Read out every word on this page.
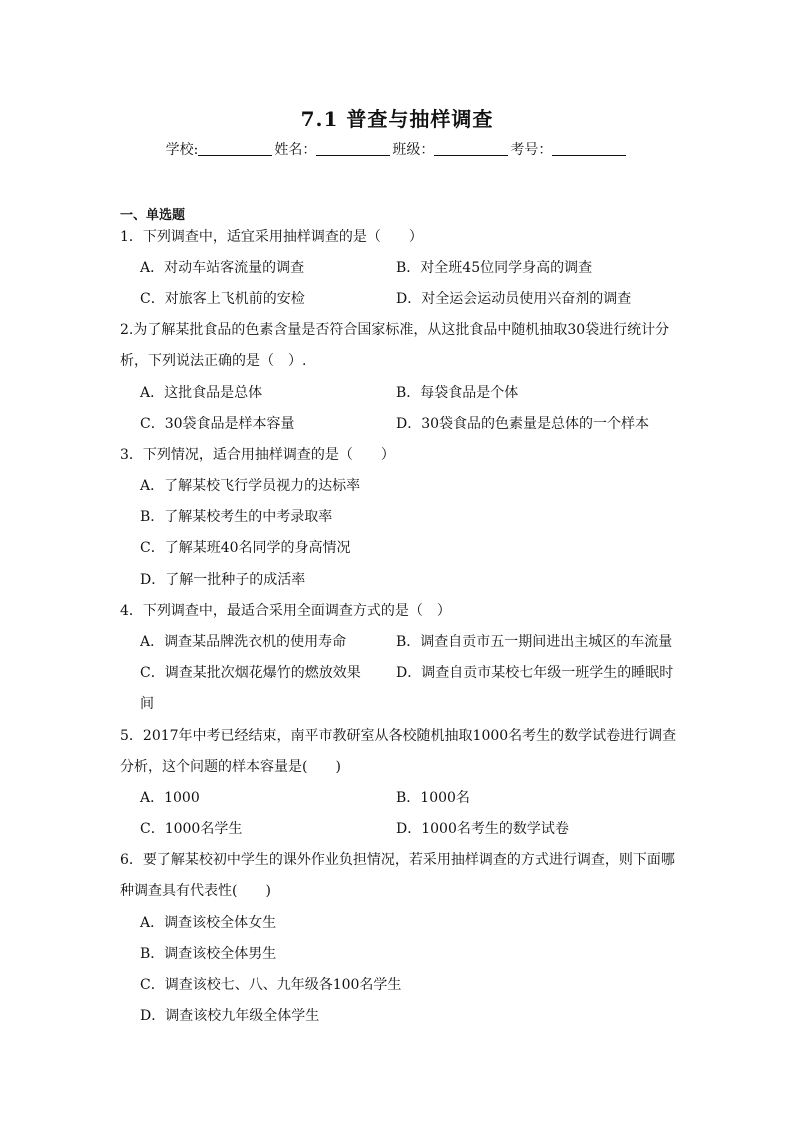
7.1 普查与抽样调查
学校:	姓名：	班级：	考号：
一、单选题
1．下列调查中，适宜采用抽样调查的是（　　）
A．对动车站客流量的调查	B．对全班45位同学身高的调查
C．对旅客上飞机前的安检	D．对全运会运动员使用兴奋剂的调查
2.为了解某批食品的色素含量是否符合国家标准，从这批食品中随机抽取30袋进行统计分
析，下列说法正确的是（　）.
A．这批食品是总体	B．每袋食品是个体
C．30袋食品是样本容量	D．30袋食品的色素量是总体的一个样本
3．下列情况，适合用抽样调查的是（　　）
A．了解某校飞行学员视力的达标率
B．了解某校考生的中考录取率
C．了解某班40名同学的身高情况
D．了解一批种子的成活率
4．下列调查中，最适合采用全面调查方式的是（　）
A．调查某品牌洗衣机的使用寿命	B．调查自贡市五一期间进出主城区的车流量
C．调查某批次烟花爆竹的燃放效果	D．调查自贡市某校七年级一班学生的睡眠时
间
5．2017年中考已经结束，南平市教研室从各校随机抽取1000名考生的数学试卷进行调查
分析，这个问题的样本容量是(　　)
A．1000	B．1000名
C．1000名学生	D．1000名考生的数学试卷
6．要了解某校初中学生的课外作业负担情况，若采用抽样调查的方式进行调查，则下面哪
种调查具有代表性(　　)
A．调查该校全体女生
B．调查该校全体男生
C．调查该校七、八、九年级各100名学生
D．调查该校九年级全体学生
